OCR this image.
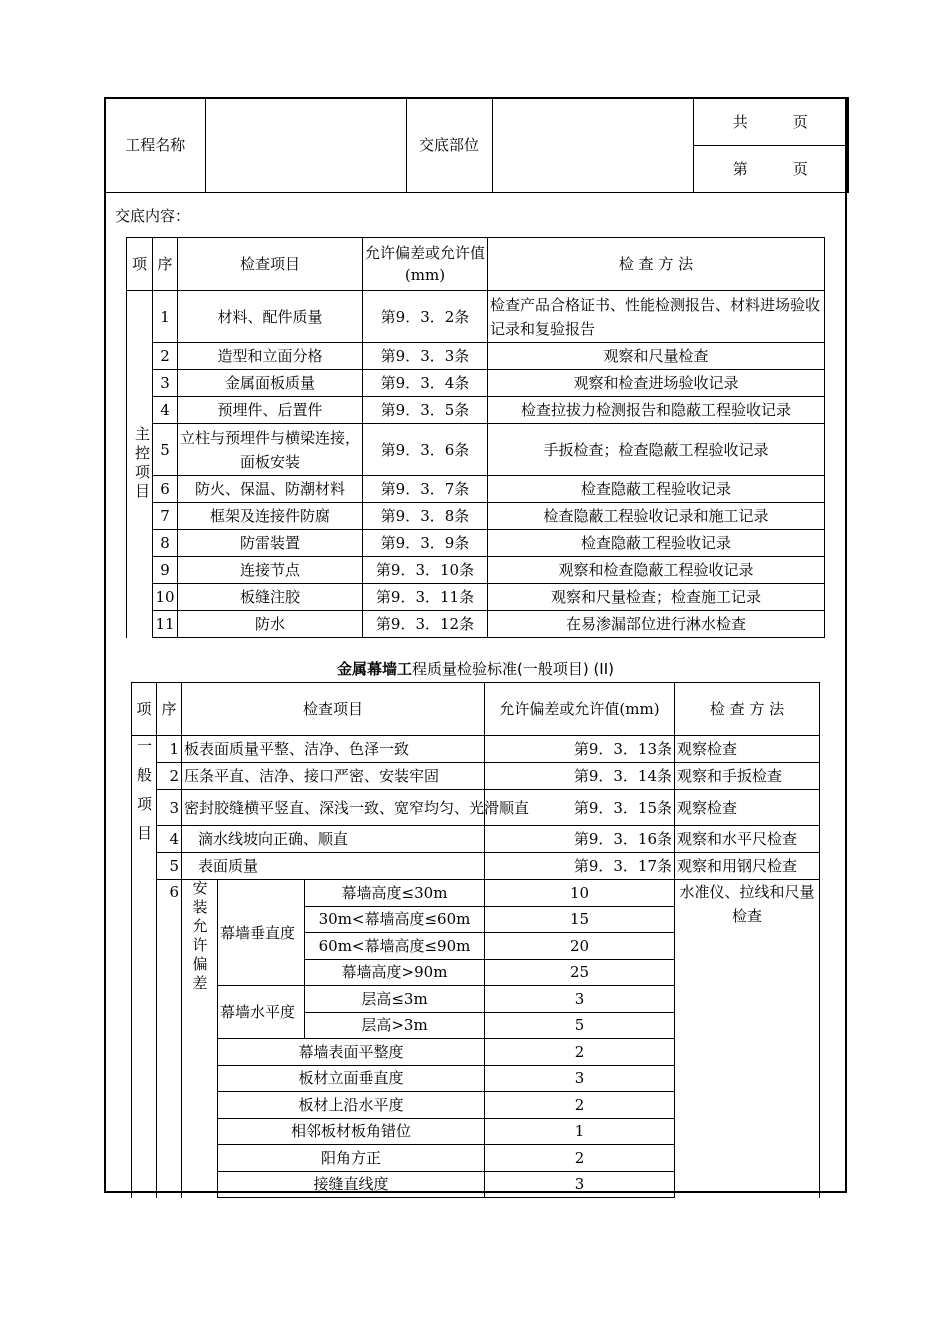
工程名称		交底部位		共　　　页
第　　　页
交底内容：
项	序	检查项目	允许偏差或允许值(mm)	检 查 方 法

主控项目	1	材料、配件质量	第9．3．2条	检查产品合格证书、性能检测报告、材料进场验收记录和复验报告
	2	造型和立面分格	第9．3．3条	观察和尺量检查
	3	金属面板质量	第9．3．4条	观察和检查进场验收记录
	4	预埋件、后置件	第9．3．5条	检查拉拔力检测报告和隐蔽工程验收记录
	5	立柱与预埋件与横梁连接，面板安装	第9．3．6条	手扳检查；检查隐蔽工程验收记录
	6	防火、保温、防潮材料	第9．3．7条	检查隐蔽工程验收记录
	7	框架及连接件防腐	第9．3．8条	检查隐蔽工程验收记录和施工记录
	8	防雷装置	第9．3．9条	检查隐蔽工程验收记录
	9	连接节点	第9．3．10条	观察和检查隐蔽工程验收记录
	10	板缝注胶	第9．3．11条	观察和尺量检查；检查施工记录
	11	防水	第9．3．12条	在易渗漏部位进行淋水检查
金属幕墙工程质量检验标准(一般项目) (II)
项	序	检查项目			允许偏差或允许值(mm)	检 查 方 法

一般项目	1	板表面质量平整、洁净、色泽一致			第9．3．13条	观察检查
	2	压条平直、洁净、接口严密、安装牢固			第9．3．14条	观察和手扳检查
	3	密封胶缝横平竖直、深浅一致、宽窄均匀、光滑顺直			第9．3．15条	观察检查
	4	滴水线坡向正确、顺直			第9．3．16条	观察和水平尺检查
	5	表面质量			第9．3．17条	观察和用钢尺检查
	6	安装允许偏差	幕墙垂直度	幕墙高度≤30m	10	水准仪、拉线和尺量检查
				30m<幕墙高度≤60m	15	
				60m<幕墙高度≤90m	20	
				幕墙高度>90m	25	
			幕墙水平度	层高≤3m	3	
				层高>3m	5	
			幕墙表面平整度		2	
			板材立面垂直度		3	
			板材上沿水平度		2	
			相邻板材板角错位		1	
			阳角方正		2	
			接缝直线度		3	
